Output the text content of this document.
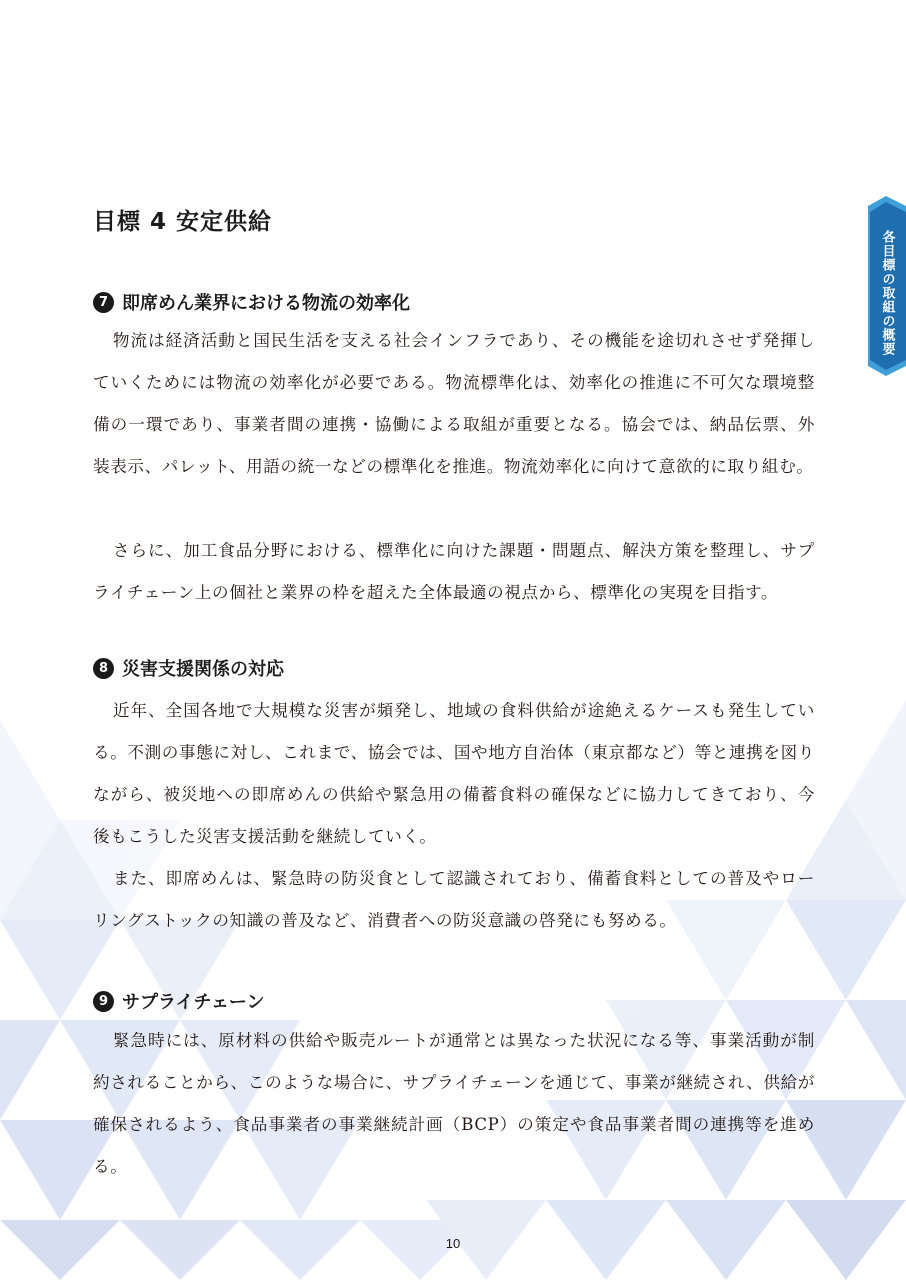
各目標の取組の概要
目標 4 安定供給
7 即席めん業界における物流の効率化

物流は経済活動と国民生活を支える社会インフラであり、その機能を途切れさせず発揮していくためには物流の効率化が必要である。物流標準化は、効率化の推進に不可欠な環境整備の一環であり、事業者間の連携・協働による取組が重要となる。協会では、納品伝票、外装表示、パレット、用語の統一などの標準化を推進。物流効率化に向けて意欲的に取り組む。

さらに、加工食品分野における、標準化に向けた課題・問題点、解決方策を整理し、サプライチェーン上の個社と業界の枠を超えた全体最適の視点から、標準化の実現を目指す。

8 災害支援関係の対応

近年、全国各地で大規模な災害が頻発し、地域の食料供給が途絶えるケースも発生している。不測の事態に対し、これまで、協会では、国や地方自治体（東京都など）等と連携を図りながら、被災地への即席めんの供給や緊急用の備蓄食料の確保などに協力してきており、今後もこうした災害支援活動を継続していく。

また、即席めんは、緊急時の防災食として認識されており、備蓄食料としての普及やローリングストックの知識の普及など、消費者への防災意識の啓発にも努める。

9 サプライチェーン

緊急時には、原材料の供給や販売ルートが通常とは異なった状況になる等、事業活動が制約されることから、このような場合に、サプライチェーンを通じて、事業が継続され、供給が確保されるよう、食品事業者の事業継続計画（BCP）の策定や食品事業者間の連携等を進める。

10
